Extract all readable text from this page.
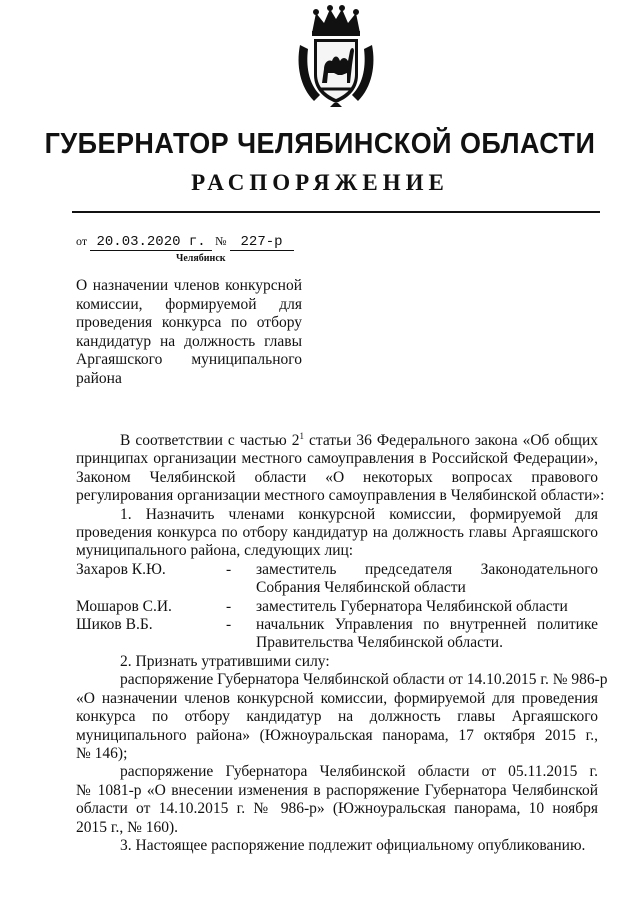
ГУБЕРНАТОР ЧЕЛЯБИНСКОЙ ОБЛАСТИ
РАСПОРЯЖЕНИЕ
от 20.03.2020 г. № 227-р
Челябинск
О назначении членов конкурсной
комиссии, формируемой для
проведения конкурса по отбору
кандидатур на должность главы
Аргаяшского муниципального
района
В соответствии с частью $2^1$ статьи 36 Федерального закона «Об общих
принципах организации местного самоуправления в Российской Федерации»,
Законом Челябинской области «О некоторых вопросах правового
регулирования организации местного самоуправления в Челябинской области»:
1. Назначить членами конкурсной комиссии, формируемой для
проведения конкурса по отбору кандидатур на должность главы Аргаяшского
муниципального района, следующих лиц:
Захаров К.Ю.	-	заместитель председателя Законодательного
Собрания Челябинской области
Мошаров С.И.	-	заместитель Губернатора Челябинской области
Шиков В.Б.	-	начальник Управления по внутренней политике
Правительства Челябинской области.
2. Признать утратившими силу:
распоряжение Губернатора Челябинской области от 14.10.2015 г. № 986-р
«О назначении членов конкурсной комиссии, формируемой для проведения
конкурса по отбору кандидатур на должность главы Аргаяшского
муниципального района» (Южноуральская панорама, 17 октября 2015 г.,
№ 146);
распоряжение Губернатора Челябинской области от 05.11.2015 г.
№ 1081-р «О внесении изменения в распоряжение Губернатора Челябинской
области от 14.10.2015 г. № 986-р» (Южноуральская панорама, 10 ноября
2015 г., № 160).
3. Настоящее распоряжение подлежит официальному опубликованию.
